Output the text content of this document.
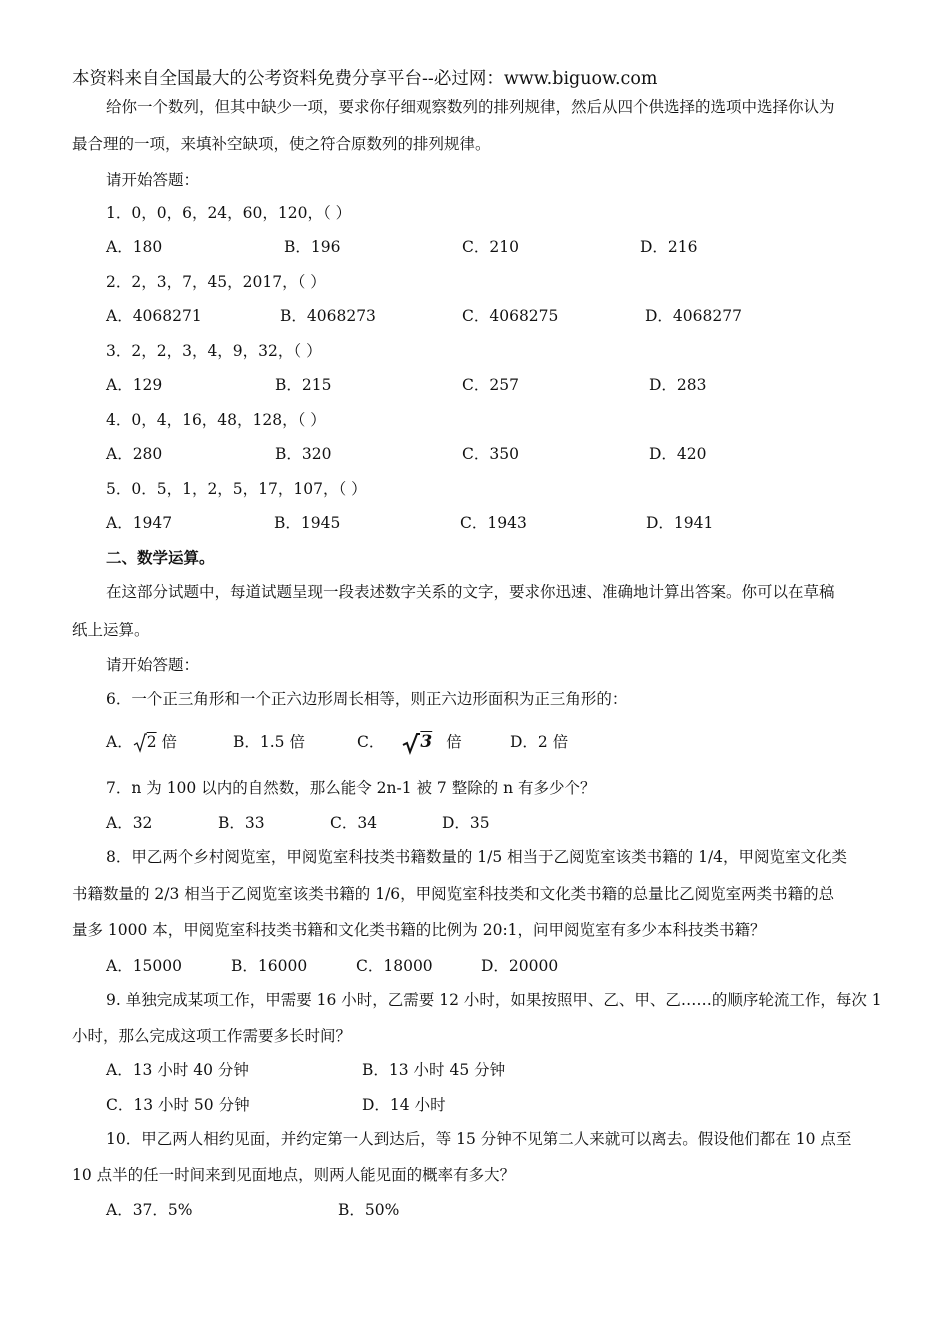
本资料来自全国最大的公考资料免费分享平台--必过网：www.biguow.com
给你一个数列，但其中缺少一项，要求你仔细观察数列的排列规律，然后从四个供选择的选项中选择你认为
最合理的一项，来填补空缺项，使之符合原数列的排列规律。
请开始答题：
1．0，0，6，24，60，120，（ ）
A．180	B．196	C．210	D．216
2．2，3，7，45，2017，（ ）
A．4068271	B．4068273	C．4068275	D．4068277
3．2，2，3，4，9，32，（ ）
A．129	B．215	C．257	D．283
4．0，4，16，48，128，（ ）
A．280	B．320	C．350	D．420
5．0．5，1，2，5，17，107，（ ）
A．1947	B．1945	C．1943	D．1941
二、数学运算。
在这部分试题中，每道试题呈现一段表述数字关系的文字，要求你迅速、准确地计算出答案。你可以在草稿
纸上运算。
请开始答题：
6．一个正三角形和一个正六边形周长相等，则正六边形面积为正三角形的：
A． 2 倍	B．1.5 倍	C． 3 倍	D．2 倍
7．n 为 100 以内的自然数，那么能令 2n-1 被 7 整除的 n 有多少个？
A．32	B．33	C．34	D．35
8．甲乙两个乡村阅览室，甲阅览室科技类书籍数量的 1/5 相当于乙阅览室该类书籍的 1/4，甲阅览室文化类
书籍数量的 2/3 相当于乙阅览室该类书籍的 1/6，甲阅览室科技类和文化类书籍的总量比乙阅览室两类书籍的总
量多 1000 本，甲阅览室科技类书籍和文化类书籍的比例为 20:1，问甲阅览室有多少本科技类书籍？
A．15000	B．16000	C．18000	D．20000
9. 单独完成某项工作，甲需要 16 小时，乙需要 12 小时，如果按照甲、乙、甲、乙……的顺序轮流工作，每次 1
小时，那么完成这项工作需要多长时间？
A．13 小时 40 分钟	B．13 小时 45 分钟
C．13 小时 50 分钟	D．14 小时
10．甲乙两人相约见面，并约定第一人到达后，等 15 分钟不见第二人来就可以离去。假设他们都在 10 点至
10 点半的任一时间来到见面地点，则两人能见面的概率有多大？
A．37．5%	B．50%
